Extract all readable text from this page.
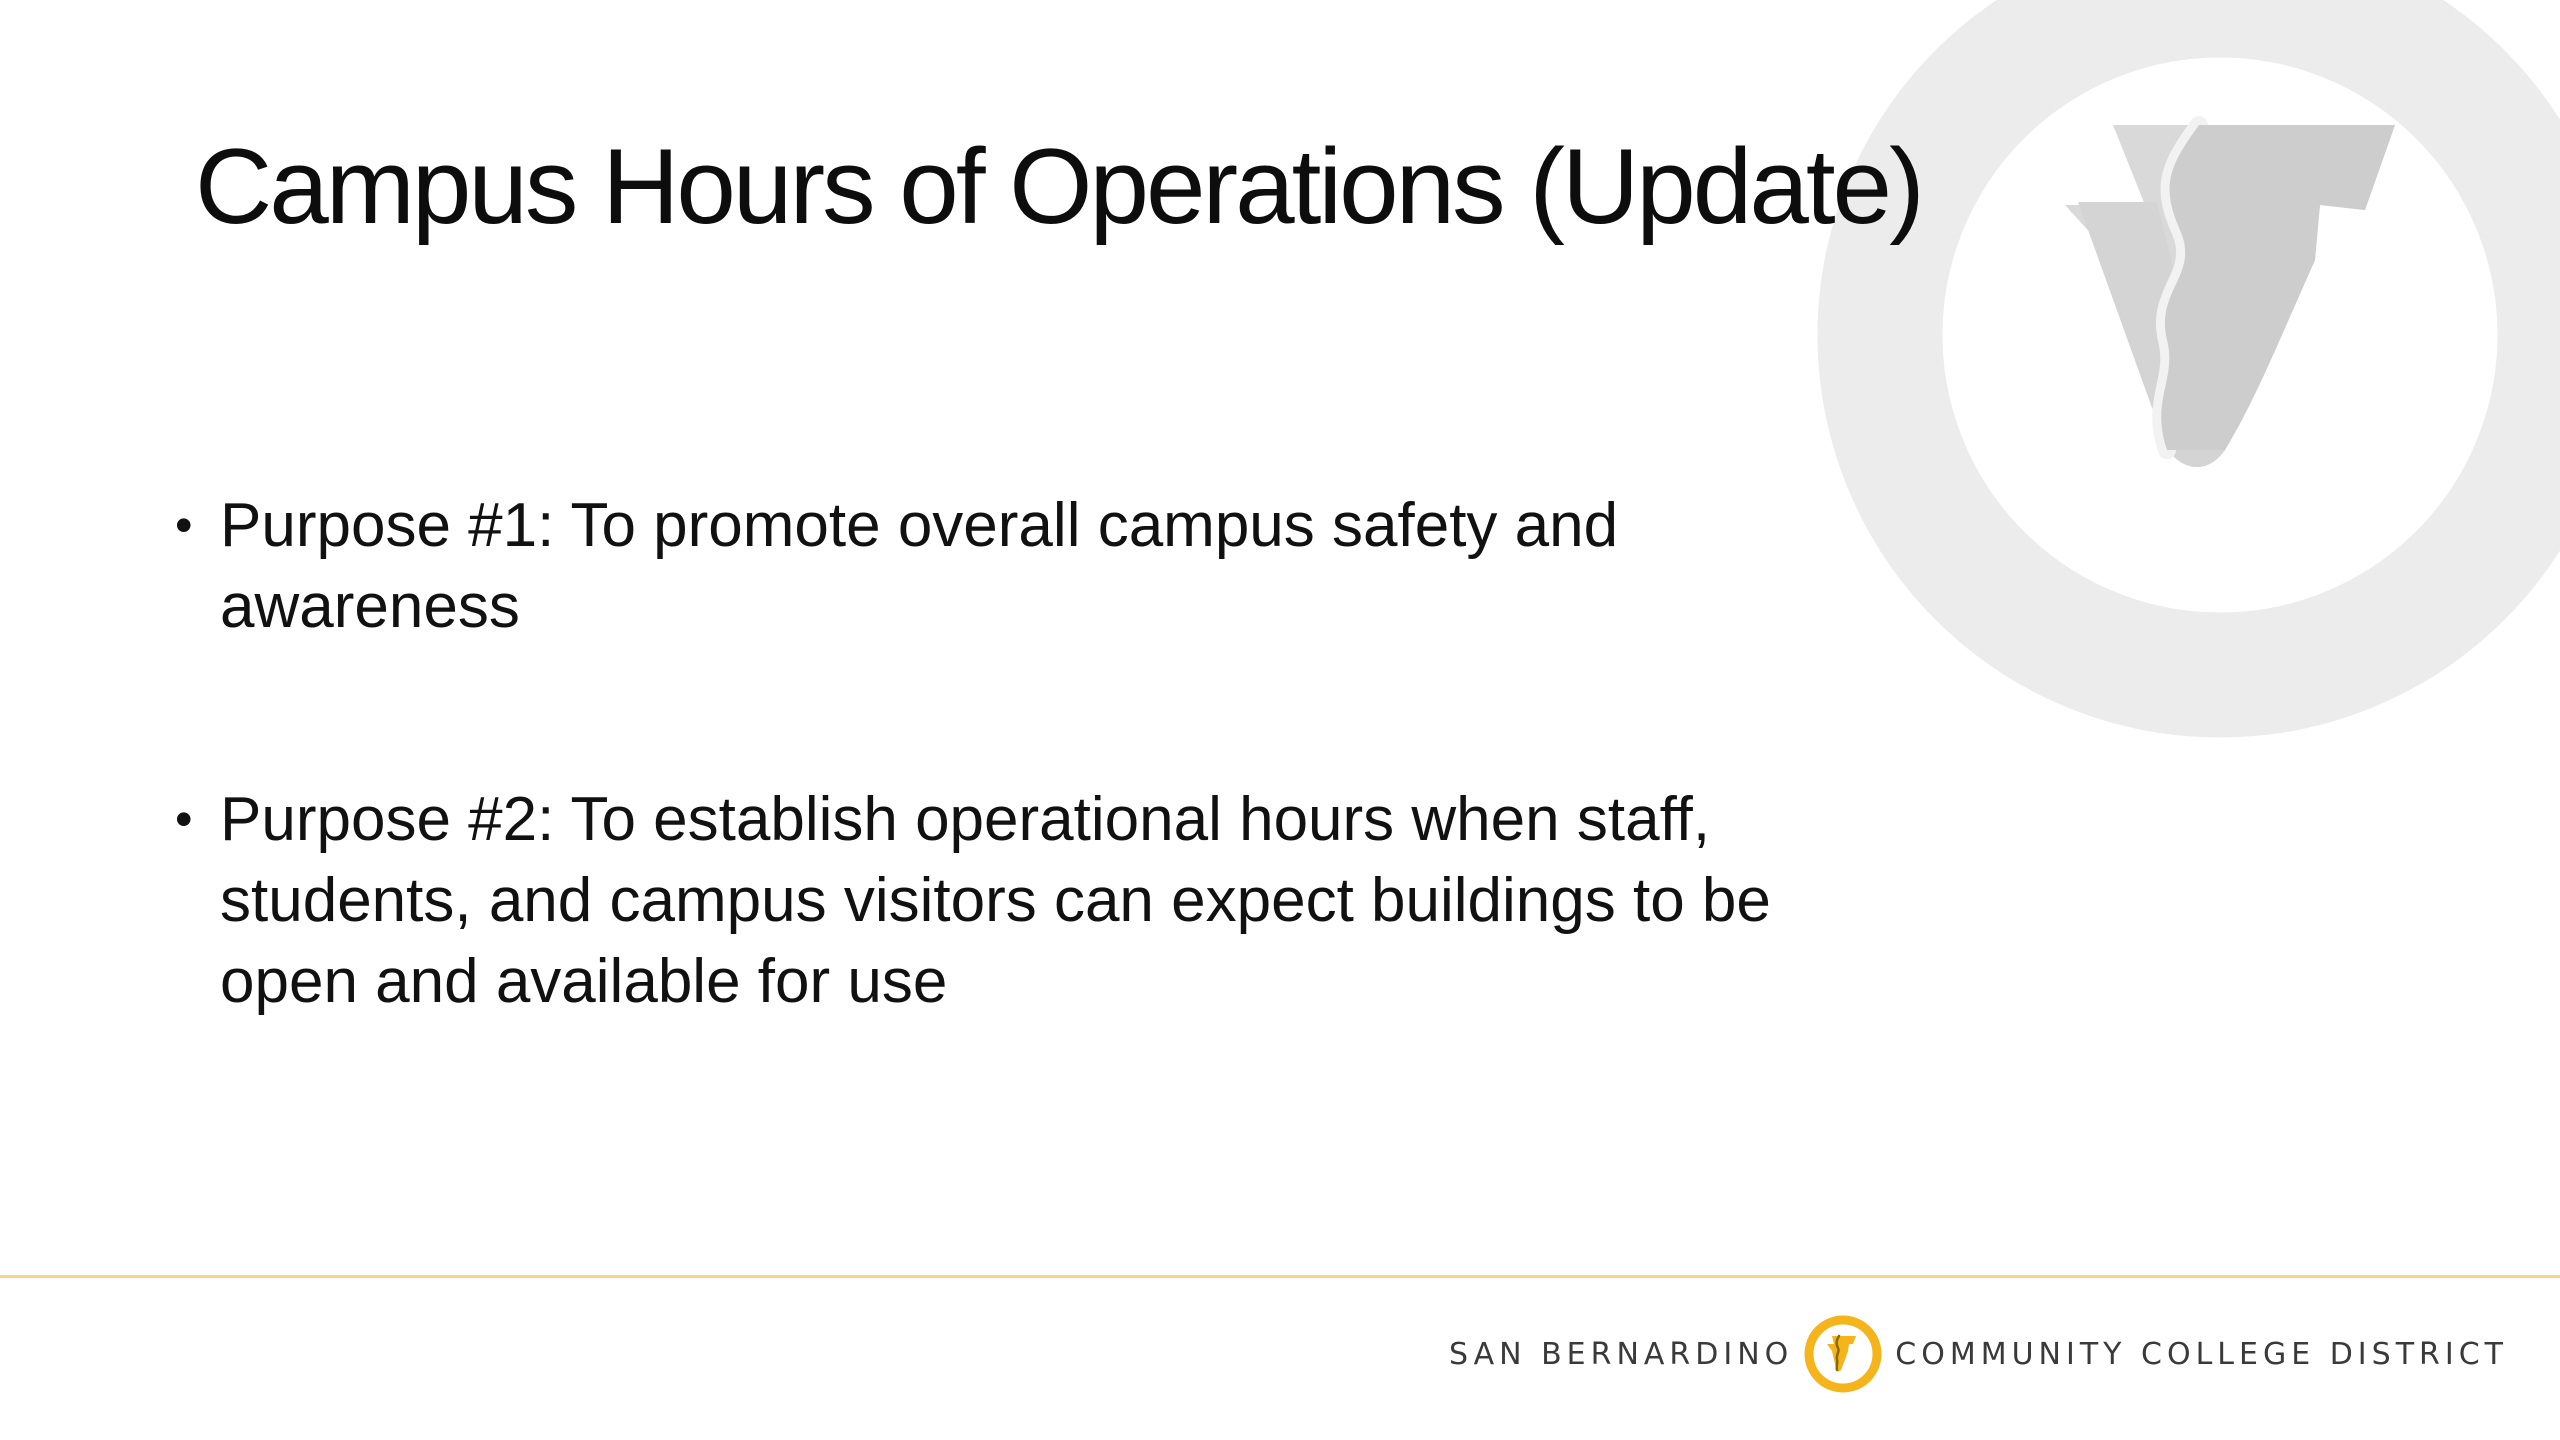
Campus Hours of Operations (Update)
• Purpose #1: To promote overall campus safety and awareness
• Purpose #2: To establish operational hours when staff, students, and campus visitors can expect buildings to be open and available for use
SAN BERNARDINO	COMMUNITY COLLEGE DISTRICT
